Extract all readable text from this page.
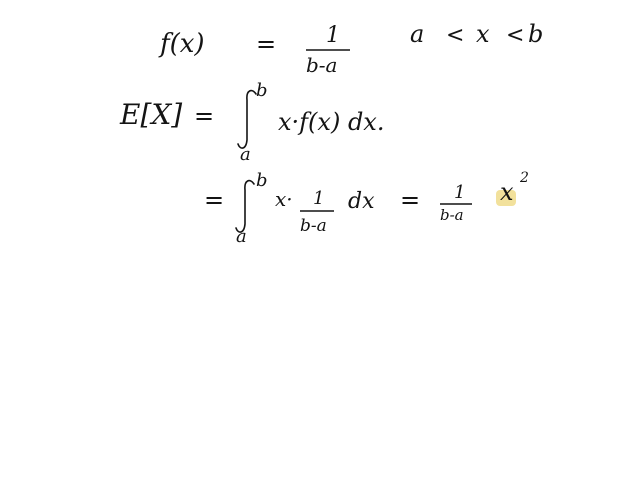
f(x) = 1
b-a
a < x < b
E[X] =
b
a
x·f(x) dx.
=
b
a
x· 1
b-a
dx = 1
b-a
x 2
